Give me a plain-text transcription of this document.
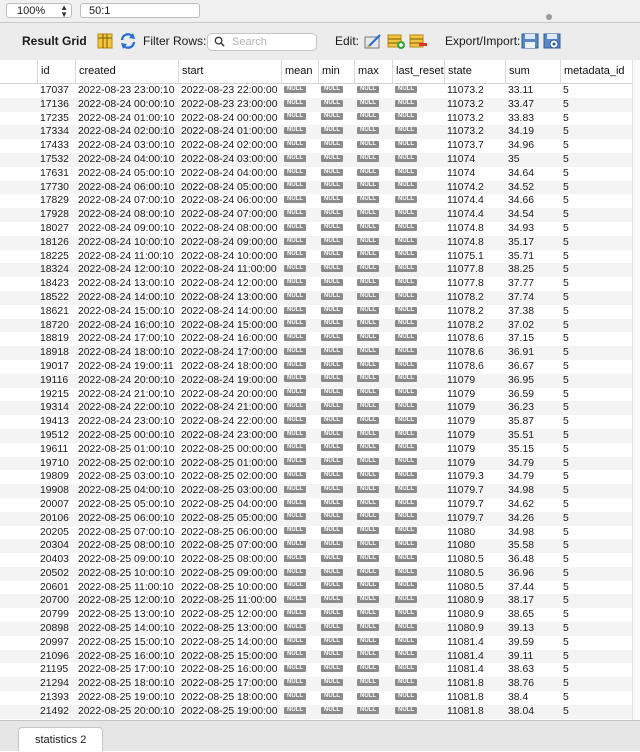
100% ▲
▼	50:1
Result Grid	Filter Rows:	Search	Edit:	Export/Import:
id	created	start	mean min	max	last_reset state	sum	metadata_id
17037 2022-08-23 23:00:10 2022-08-23 22:00:00	NULL	NULL	NULL	NULL	11073.2	33.11	5
17136 2022-08-24 00:00:10 2022-08-23 23:00:00	NULL	NULL	NULL	NULL	11073.2	33.47	5
17235 2022-08-24 01:00:10 2022-08-24 00:00:00	NULL	NULL	NULL	NULL	11073.2	33.83	5
17334 2022-08-24 02:00:10 2022-08-24 01:00:00	NULL	NULL	NULL	NULL	11073.2	34.19	5
17433 2022-08-24 03:00:10 2022-08-24 02:00:00	NULL	NULL	NULL	NULL	11073.7	34.96	5
17532 2022-08-24 04:00:10 2022-08-24 03:00:00	NULL	NULL	NULL	NULL	11074	35	5
17631 2022-08-24 05:00:10 2022-08-24 04:00:00	NULL	NULL	NULL	NULL	11074	34.64	5
17730 2022-08-24 06:00:10 2022-08-24 05:00:00	NULL	NULL	NULL	NULL	11074.2	34.52	5
17829 2022-08-24 07:00:10 2022-08-24 06:00:00	NULL	NULL	NULL	NULL	11074.4	34.66	5
17928 2022-08-24 08:00:10 2022-08-24 07:00:00	NULL	NULL	NULL	NULL	11074.4	34.54	5
18027 2022-08-24 09:00:10 2022-08-24 08:00:00	NULL	NULL	NULL	NULL	11074.8	34.93	5
18126 2022-08-24 10:00:10 2022-08-24 09:00:00	NULL	NULL	NULL	NULL	11074.8	35.17	5
18225 2022-08-24 11:00:10 2022-08-24 10:00:00	NULL	NULL	NULL	NULL	11075.1	35.71	5
18324 2022-08-24 12:00:10 2022-08-24 11:00:00	NULL	NULL	NULL	NULL	11077.8	38.25	5
18423 2022-08-24 13:00:10 2022-08-24 12:00:00	NULL	NULL	NULL	NULL	11077.8	37.77	5
18522 2022-08-24 14:00:10 2022-08-24 13:00:00	NULL	NULL	NULL	NULL	11078.2	37.74	5
18621 2022-08-24 15:00:10 2022-08-24 14:00:00	NULL	NULL	NULL	NULL	11078.2	37.38	5
18720 2022-08-24 16:00:10 2022-08-24 15:00:00	NULL	NULL	NULL	NULL	11078.2	37.02	5
18819 2022-08-24 17:00:10 2022-08-24 16:00:00	NULL	NULL	NULL	NULL	11078.6	37.15	5
18918 2022-08-24 18:00:10 2022-08-24 17:00:00	NULL	NULL	NULL	NULL	11078.6	36.91	5
19017 2022-08-24 19:00:11 2022-08-24 18:00:00	NULL	NULL	NULL	NULL	11078.6	36.67	5
19116 2022-08-24 20:00:10 2022-08-24 19:00:00	NULL	NULL	NULL	NULL	11079	36.95	5
19215 2022-08-24 21:00:10 2022-08-24 20:00:00	NULL	NULL	NULL	NULL	11079	36.59	5
19314 2022-08-24 22:00:10 2022-08-24 21:00:00	NULL	NULL	NULL	NULL	11079	36.23	5
19413 2022-08-24 23:00:10 2022-08-24 22:00:00	NULL	NULL	NULL	NULL	11079	35.87	5
19512 2022-08-25 00:00:10 2022-08-24 23:00:00	NULL	NULL	NULL	NULL	11079	35.51	5
19611 2022-08-25 01:00:10 2022-08-25 00:00:00	NULL	NULL	NULL	NULL	11079	35.15	5
19710 2022-08-25 02:00:10 2022-08-25 01:00:00	NULL	NULL	NULL	NULL	11079	34.79	5
19809 2022-08-25 03:00:10 2022-08-25 02:00:00	NULL	NULL	NULL	NULL	11079.3	34.79	5
19908 2022-08-25 04:00:10 2022-08-25 03:00:00	NULL	NULL	NULL	NULL	11079.7	34.98	5
20007 2022-08-25 05:00:10 2022-08-25 04:00:00	NULL	NULL	NULL	NULL	11079.7	34.62	5
20106 2022-08-25 06:00:10 2022-08-25 05:00:00	NULL	NULL	NULL	NULL	11079.7	34.26	5
20205 2022-08-25 07:00:10 2022-08-25 06:00:00	NULL	NULL	NULL	NULL	11080	34.98	5
20304 2022-08-25 08:00:10 2022-08-25 07:00:00	NULL	NULL	NULL	NULL	11080	35.58	5
20403 2022-08-25 09:00:10 2022-08-25 08:00:00	NULL	NULL	NULL	NULL	11080.5	36.48	5
20502 2022-08-25 10:00:10 2022-08-25 09:00:00	NULL	NULL	NULL	NULL	11080.5	36.96	5
20601 2022-08-25 11:00:10 2022-08-25 10:00:00	NULL	NULL	NULL	NULL	11080.5	37.44	5
20700 2022-08-25 12:00:10 2022-08-25 11:00:00	NULL	NULL	NULL	NULL	11080.9	38.17	5
20799 2022-08-25 13:00:10 2022-08-25 12:00:00	NULL	NULL	NULL	NULL	11080.9	38.65	5
20898 2022-08-25 14:00:10 2022-08-25 13:00:00	NULL	NULL	NULL	NULL	11080.9	39.13	5
20997 2022-08-25 15:00:10 2022-08-25 14:00:00	NULL	NULL	NULL	NULL	11081.4	39.59	5
21096 2022-08-25 16:00:10 2022-08-25 15:00:00	NULL	NULL	NULL	NULL	11081.4	39.11	5
21195 2022-08-25 17:00:10 2022-08-25 16:00:00	NULL	NULL	NULL	NULL	11081.4	38.63	5
21294 2022-08-25 18:00:10 2022-08-25 17:00:00	NULL	NULL	NULL	NULL	11081.8	38.76	5
21393 2022-08-25 19:00:10 2022-08-25 18:00:00	NULL	NULL	NULL	NULL	11081.8	38.4	5
21492 2022-08-25 20:00:10 2022-08-25 19:00:00	NULL	NULL	NULL	NULL	11081.8	38.04	5
statistics 2
